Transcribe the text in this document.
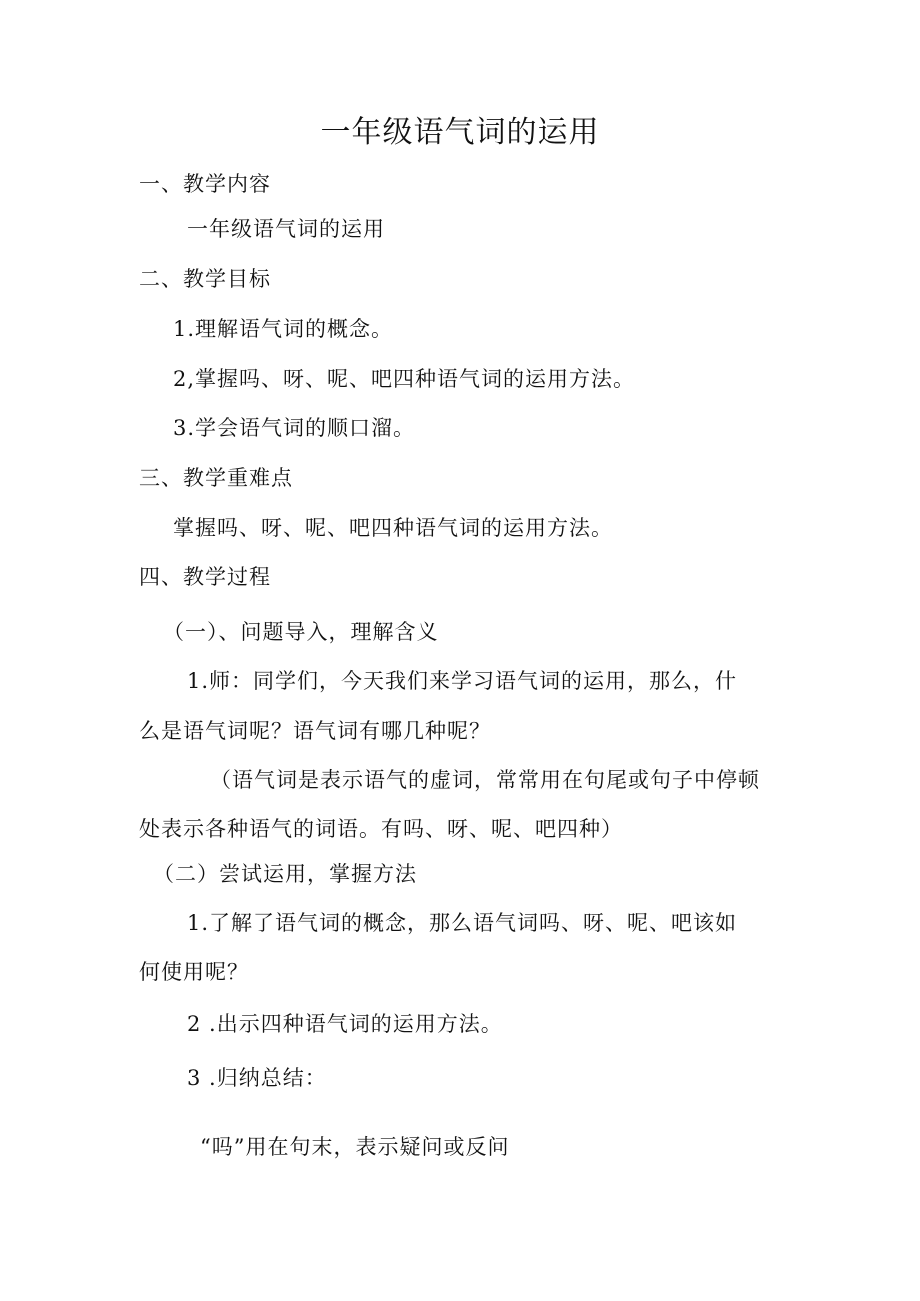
一年级语气词的运用
一、教学内容
一年级语气词的运用
二、教学目标
1.理解语气词的概念。
2,掌握吗、呀、呢、吧四种语气词的运用方法。
3.学会语气词的顺口溜。
三、教学重难点
掌握吗、呀、呢、吧四种语气词的运用方法。
四、教学过程
（一）、问题导入，理解含义
1.师：同学们，今天我们来学习语气词的运用，那么，什
么是语气词呢？语气词有哪几种呢？
（语气词是表示语气的虚词，常常用在句尾或句子中停顿
处表示各种语气的词语。有吗、呀、呢、吧四种）
（二）尝试运用，掌握方法
1.了解了语气词的概念，那么语气词吗、呀、呢、吧该如
何使用呢？
2 .出示四种语气词的运用方法。
3 .归纳总结：
“吗”用在句末，表示疑问或反问
